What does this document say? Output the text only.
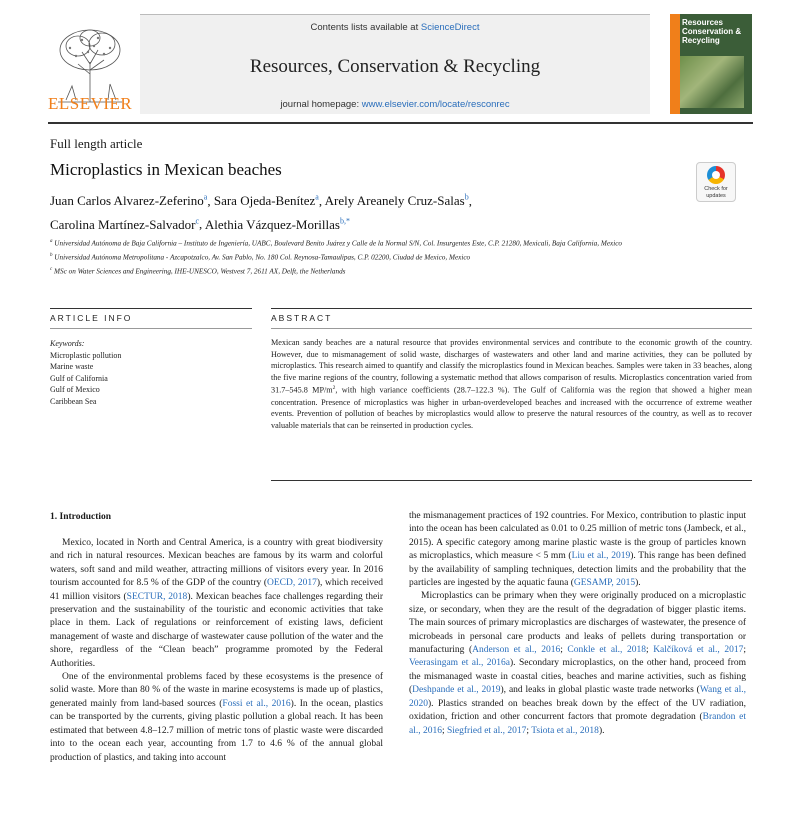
ELSEVIER
Contents lists available at ScienceDirect
Resources, Conservation & Recycling
journal homepage: www.elsevier.com/locate/resconrec
Resources Conservation & Recycling
Full length article
Microplastics in Mexican beaches
Check for updates
Juan Carlos Alvarez-Zeferino$^a$, Sara Ojeda-Benítez$^a$, Arely Areanely Cruz-Salas$^b$,
Carolina Martínez-Salvador$^c$, Alethia Vázquez-Morillas$^{b,*}$
$^a$ Universidad Autónoma de Baja California – Instituto de Ingeniería, UABC, Boulevard Benito Juárez y Calle de la Normal S/N, Col. Insurgentes Este, C.P. 21280, Mexicali, Baja California, Mexico
$^b$ Universidad Autónoma Metropolitana - Azcapotzalco, Av. San Pablo, No. 180 Col. Reynosa-Tamaulipas, C.P. 02200, Ciudad de Mexico, Mexico
$^c$ MSc on Water Sciences and Engineering, IHE-UNESCO, Westvest 7, 2611 AX, Delft, the Netherlands
ARTICLE INFO	ABSTRACT
Keywords:
Microplastic pollution
Marine waste
Gulf of California
Gulf of Mexico
Caribbean Sea
Mexican sandy beaches are a natural resource that provides environmental services and contribute to the economic growth of the country. However, due to mismanagement of solid waste, discharges of wastewaters and other land and marine activities, they can be polluted by microplastics. This research aimed to quantify and classify the microplastics found in Mexican beaches. Samples were taken in 33 beaches, along the five marine regions of the country, following a systematic method that allows comparison of results. Microplastics concentration varied from 31.7–545.8 $MP/m^2$, with high variance coefficients (28.7–122.3 %). The Gulf of California was the region that showed a higher mean concentration. Presence of microplastics was higher in urban-overdeveloped beaches and increased with the occurrence of extreme weather events. Prevention of pollution of beaches by microplastics would allow to preserve the natural resources of the country, as well as to recover valuable materials that can be reinserted in production cycles.
1. Introduction

Mexico, located in North and Central America, is a country with great biodiversity and rich in natural resources. Mexican beaches are famous by its warm and colorful waters, soft sand and mild weather, attracting millions of visitors every year. In 2016 tourism accounted for 8.5 % of the GDP of the country (OECD, 2017), which received 41 million visitors (SECTUR, 2018). Mexican beaches face challenges regarding their preservation and the sustainability of the touristic and economic activities that take place in them. Lack of regulations or reinforcement of existing laws, deficient management of waste and discharge of wastewater cause pollution of the water and the shore, regardless of the “Clean beach” programme promoted by the Federal Authorities.

One of the environmental problems faced by these ecosystems is the presence of solid waste. More than 80 % of the waste in marine ecosystems is made up of plastics, generated mainly from land-based sources (Fossi et al., 2016). In the ocean, plastics can be transported by the currents, giving plastic pollution a global reach. It has been estimated that between 4.8–12.7 million of metric tons of plastic waste were discarded into to the ocean each year, accounting from 1.7 to 4.6 % of the annual global production of plastics, and taking into account

the mismanagement practices of 192 countries. For Mexico, contribution to plastic input into the ocean has been calculated as 0.01 to 0.25 million of metric tons (Jambeck, et al., 2015). A specific category among marine plastic waste is the group of particles known as microplastics, which measure < 5 mm (Liu et al., 2019). This range has been defined by the availability of sampling techniques, detection limits and the probability that the particles are ingested by the aquatic fauna (GESAMP, 2015).

Microplastics can be primary when they were originally produced on a microplastic size, or secondary, when they are the result of the degradation of bigger plastic items. The main sources of primary microplastics are discharges of wastewater, the presence of microbeads in personal care products and leaks of pellets during transportation or manufacturing (Anderson et al., 2016; Conkle et al., 2018; Kalčíková et al., 2017; Veerasingam et al., 2016a). Secondary microplastics, on the other hand, proceed from the mismanaged waste in coastal cities, beaches and marine activities, such as fishing (Deshpande et al., 2019), and leaks in global plastic waste trade networks (Wang et al., 2020). Plastics stranded on beaches break down by the effect of the UV radiation, oxidation, friction and other concurrent factors that promote degradation (Brandon et al., 2016; Siegfried et al., 2017; Tsiota et al., 2018).
